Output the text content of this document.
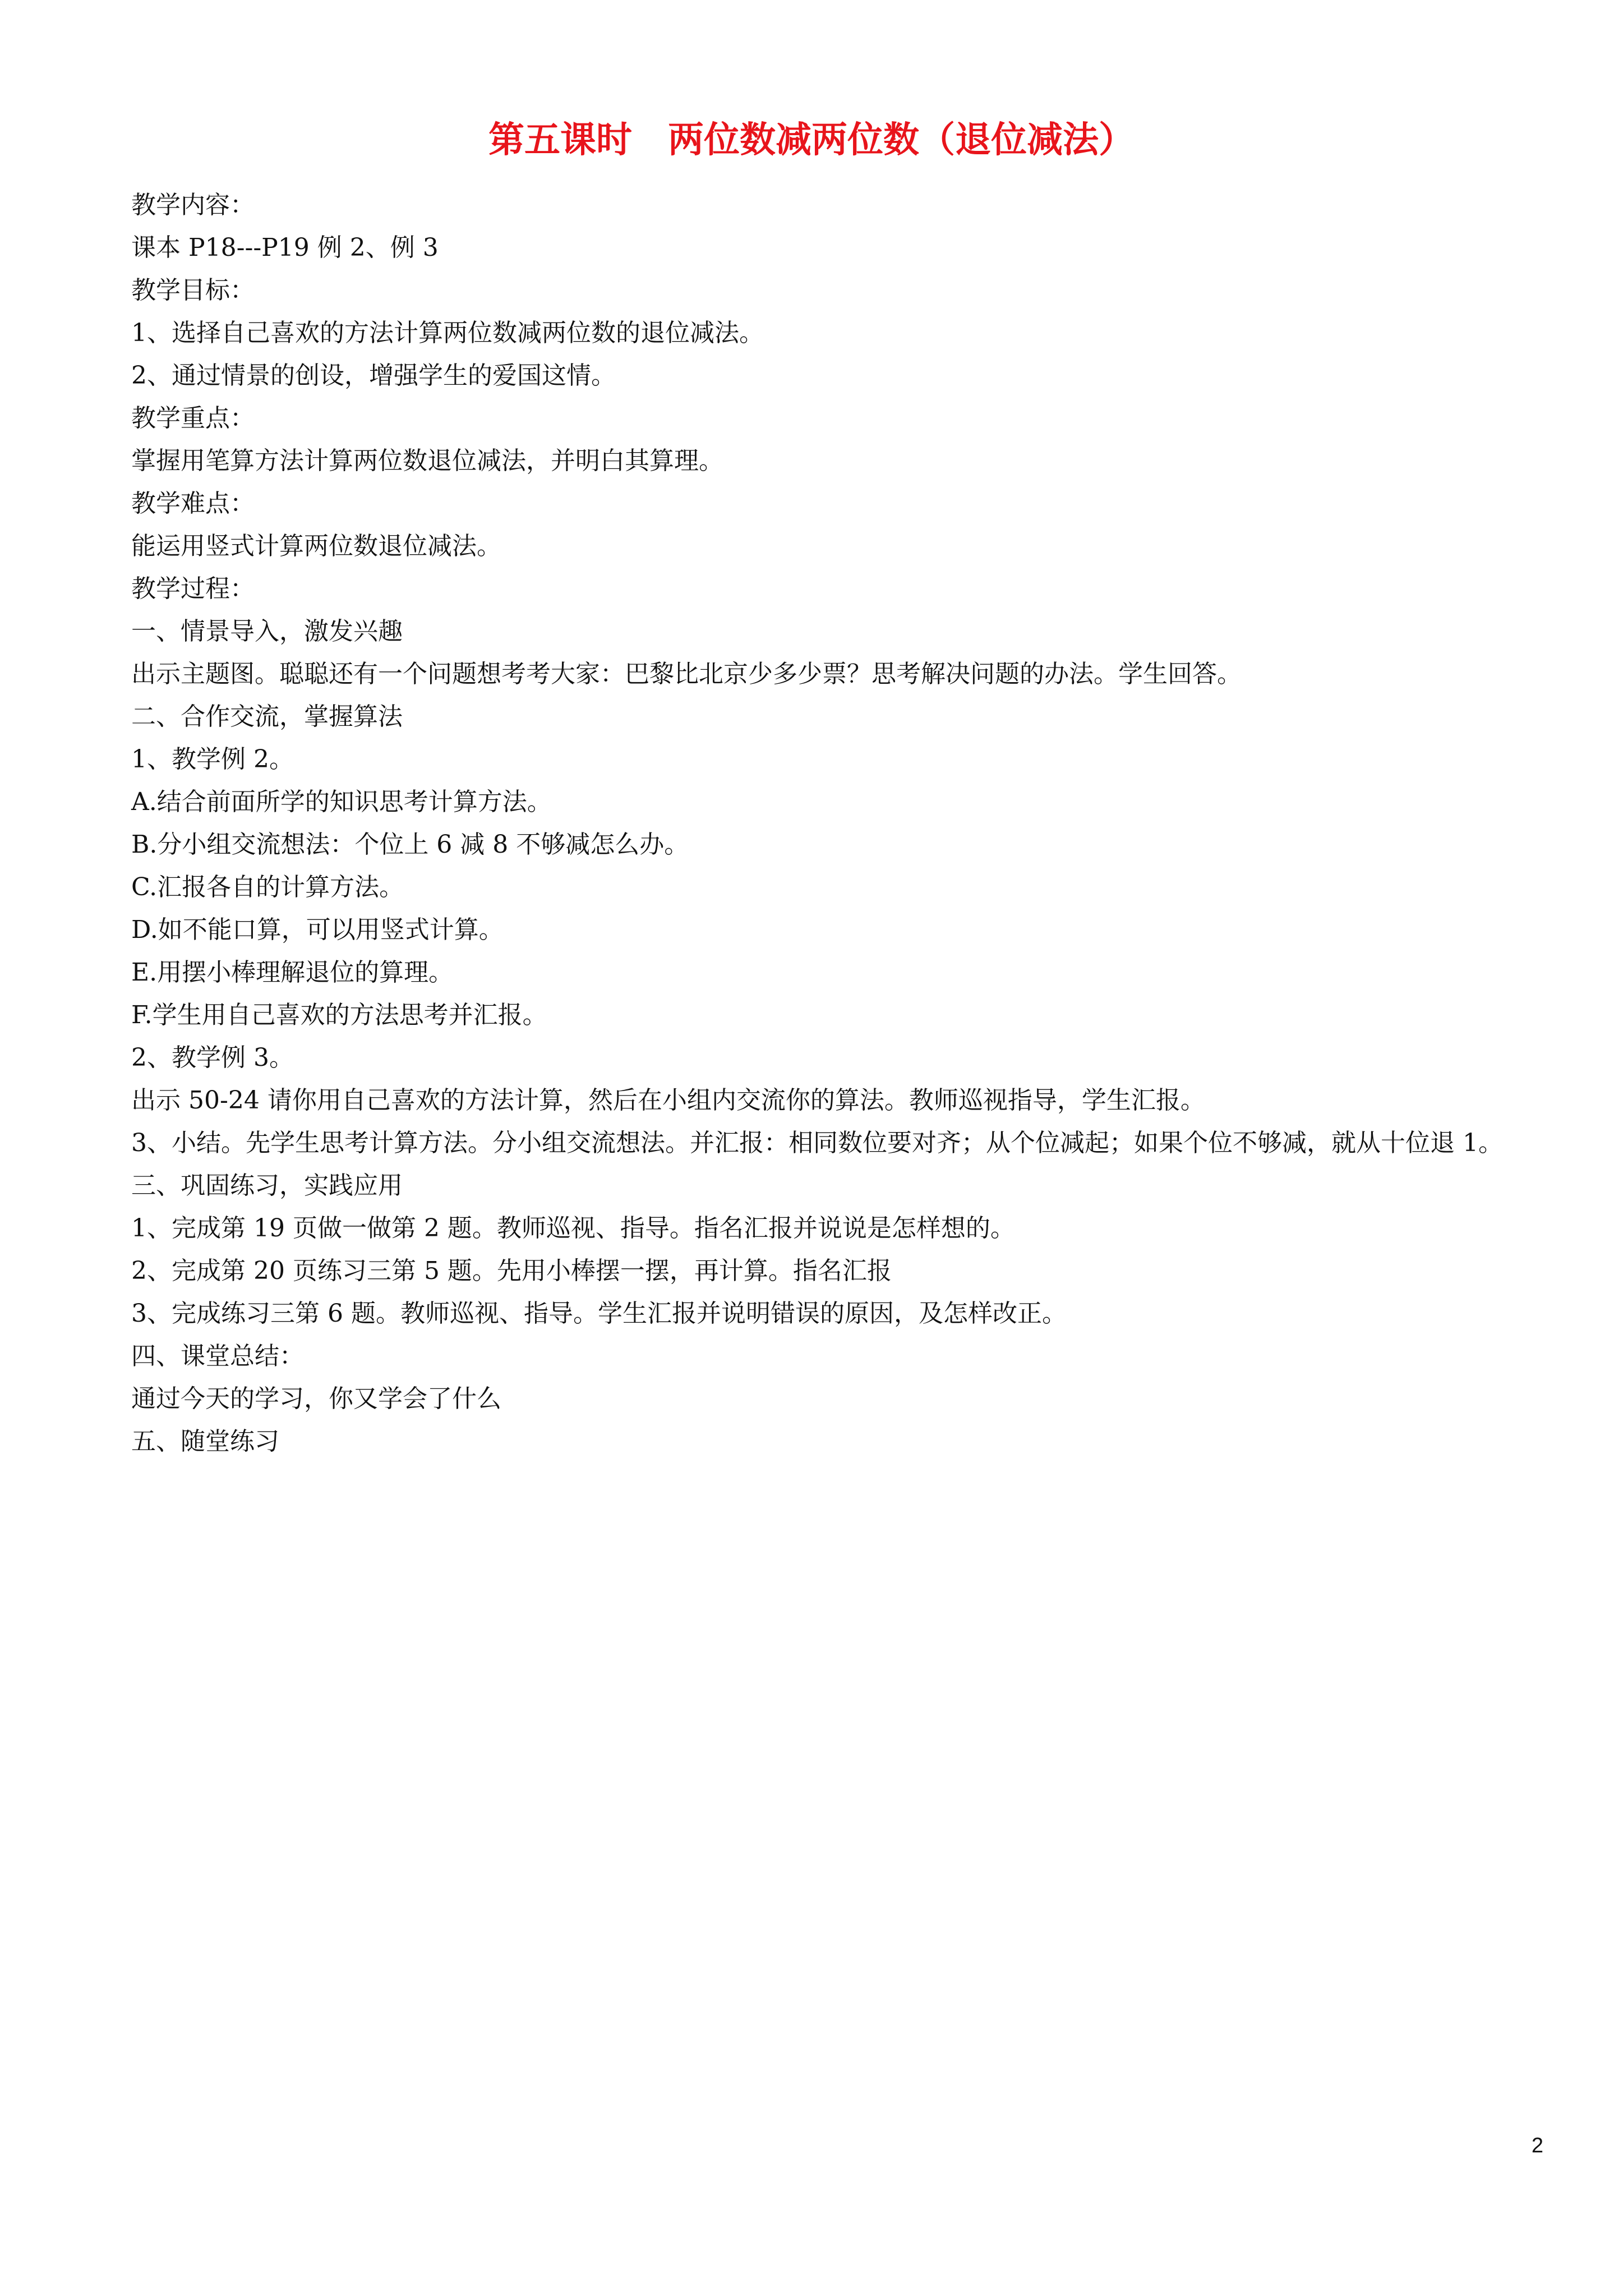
第五课时　两位数减两位数（退位减法）
教学内容：
课本 P18---P19 例 2、例 3
教学目标：
1、选择自己喜欢的方法计算两位数减两位数的退位减法。
2、通过情景的创设，增强学生的爱国这情。
教学重点：
掌握用笔算方法计算两位数退位减法，并明白其算理。
教学难点：
能运用竖式计算两位数退位减法。
教学过程：
一、情景导入，激发兴趣
出示主题图。聪聪还有一个问题想考考大家：巴黎比北京少多少票？思考解决问题的办法。学生回答。
二、合作交流，掌握算法
1、教学例 2。
A.结合前面所学的知识思考计算方法。
B.分小组交流想法：个位上 6 减 8 不够减怎么办。
C.汇报各自的计算方法。
D.如不能口算，可以用竖式计算。
E.用摆小棒理解退位的算理。
F.学生用自己喜欢的方法思考并汇报。
2、教学例 3。
出示 50-24 请你用自己喜欢的方法计算，然后在小组内交流你的算法。教师巡视指导，学生汇报。
3、小结。先学生思考计算方法。分小组交流想法。并汇报：相同数位要对齐；从个位减起；如果个位不够减，就从十位退 1。
三、巩固练习，实践应用
1、完成第 19 页做一做第 2 题。教师巡视、指导。指名汇报并说说是怎样想的。
2、完成第 20 页练习三第 5 题。先用小棒摆一摆，再计算。指名汇报
3、完成练习三第 6 题。教师巡视、指导。学生汇报并说明错误的原因，及怎样改正。
四、课堂总结：
通过今天的学习，你又学会了什么
五、随堂练习
2
